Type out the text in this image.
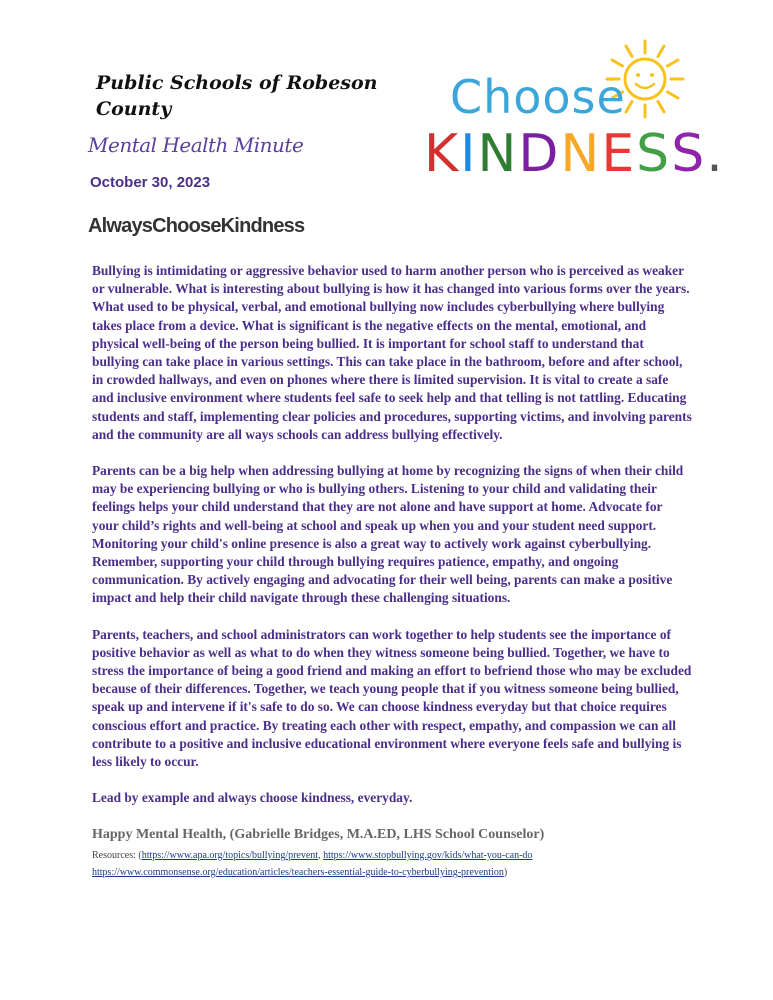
Public Schools of Robeson County
Mental Health Minute
October 30, 2023
Choose
KINDNESS.
AlwaysChooseKindness

Bullying is intimidating or aggressive behavior used to harm another person who is perceived as weaker or vulnerable. What is interesting about bullying is how it has changed into various forms over the years. What used to be physical, verbal, and emotional bullying now includes cyberbullying where bullying takes place from a device. What is significant is the negative effects on the mental, emotional, and physical well-being of the person being bullied. It is important for school staff to understand that bullying can take place in various settings. This can take place in the bathroom, before and after school, in crowded hallways, and even on phones where there is limited supervision. It is vital to create a safe and inclusive environment where students feel safe to seek help and that telling is not tattling. Educating students and staff, implementing clear policies and procedures, supporting victims, and involving parents and the community are all ways schools can address bullying effectively.

Parents can be a big help when addressing bullying at home by recognizing the signs of when their child may be experiencing bullying or who is bullying others. Listening to your child and validating their feelings helps your child understand that they are not alone and have support at home. Advocate for your child’s rights and well-being at school and speak up when you and your student need support. Monitoring your child's online presence is also a great way to actively work against cyberbullying. Remember, supporting your child through bullying requires patience, empathy, and ongoing communication. By actively engaging and advocating for their well being, parents can make a positive impact and help their child navigate through these challenging situations.

Parents, teachers, and school administrators can work together to help students see the importance of positive behavior as well as what to do when they witness someone being bullied. Together, we have to stress the importance of being a good friend and making an effort to befriend those who may be excluded because of their differences. Together, we teach young people that if you witness someone being bullied, speak up and intervene if it's safe to do so. We can choose kindness everyday but that choice requires conscious effort and practice. By treating each other with respect, empathy, and compassion we can all contribute to a positive and inclusive educational environment where everyone feels safe and bullying is less likely to occur.

Lead by example and always choose kindness, everyday.

Happy Mental Health, (Gabrielle Bridges, M.A.ED, LHS School Counselor)
Resources: (https://www.apa.org/topics/bullying/prevent, https://www.stopbullying.gov/kids/what-you-can-do
https://www.commonsense.org/education/articles/teachers-essential-guide-to-cyberbullying-prevention)
